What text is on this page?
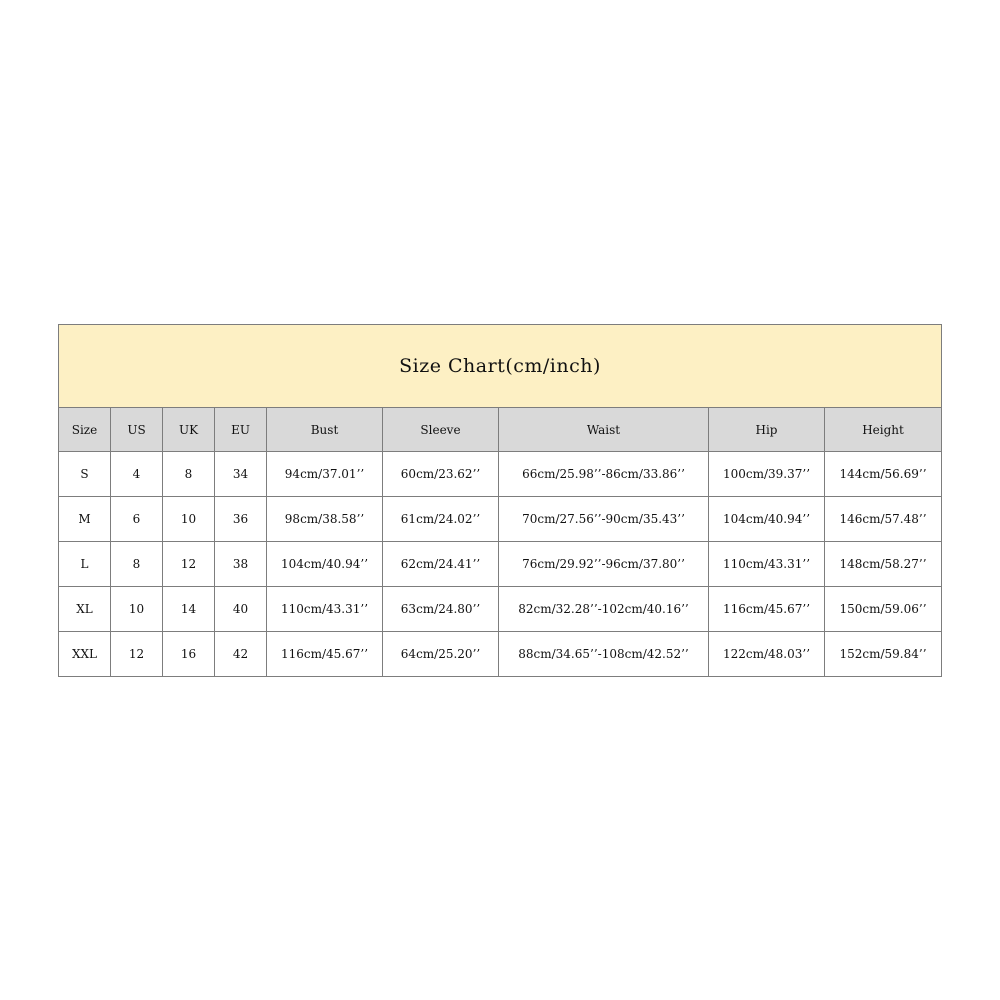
Size Chart(cm/inch)								
Size	US	UK	EU	Bust	Sleeve	Waist	Hip	Height
S	4	8	34	94cm/37.01’’	60cm/23.62’’	66cm/25.98’’-86cm/33.86’’	100cm/39.37’’	144cm/56.69’’
M	6	10	36	98cm/38.58’’	61cm/24.02’’	70cm/27.56’’-90cm/35.43’’	104cm/40.94’’	146cm/57.48’’
L	8	12	38	104cm/40.94’’	62cm/24.41’’	76cm/29.92’’-96cm/37.80’’	110cm/43.31’’	148cm/58.27’’
XL	10	14	40	110cm/43.31’’	63cm/24.80’’	82cm/32.28’’-102cm/40.16’’	116cm/45.67’’	150cm/59.06’’
XXL	12	16	42	116cm/45.67’’	64cm/25.20’’	88cm/34.65’’-108cm/42.52’’	122cm/48.03’’	152cm/59.84’’
